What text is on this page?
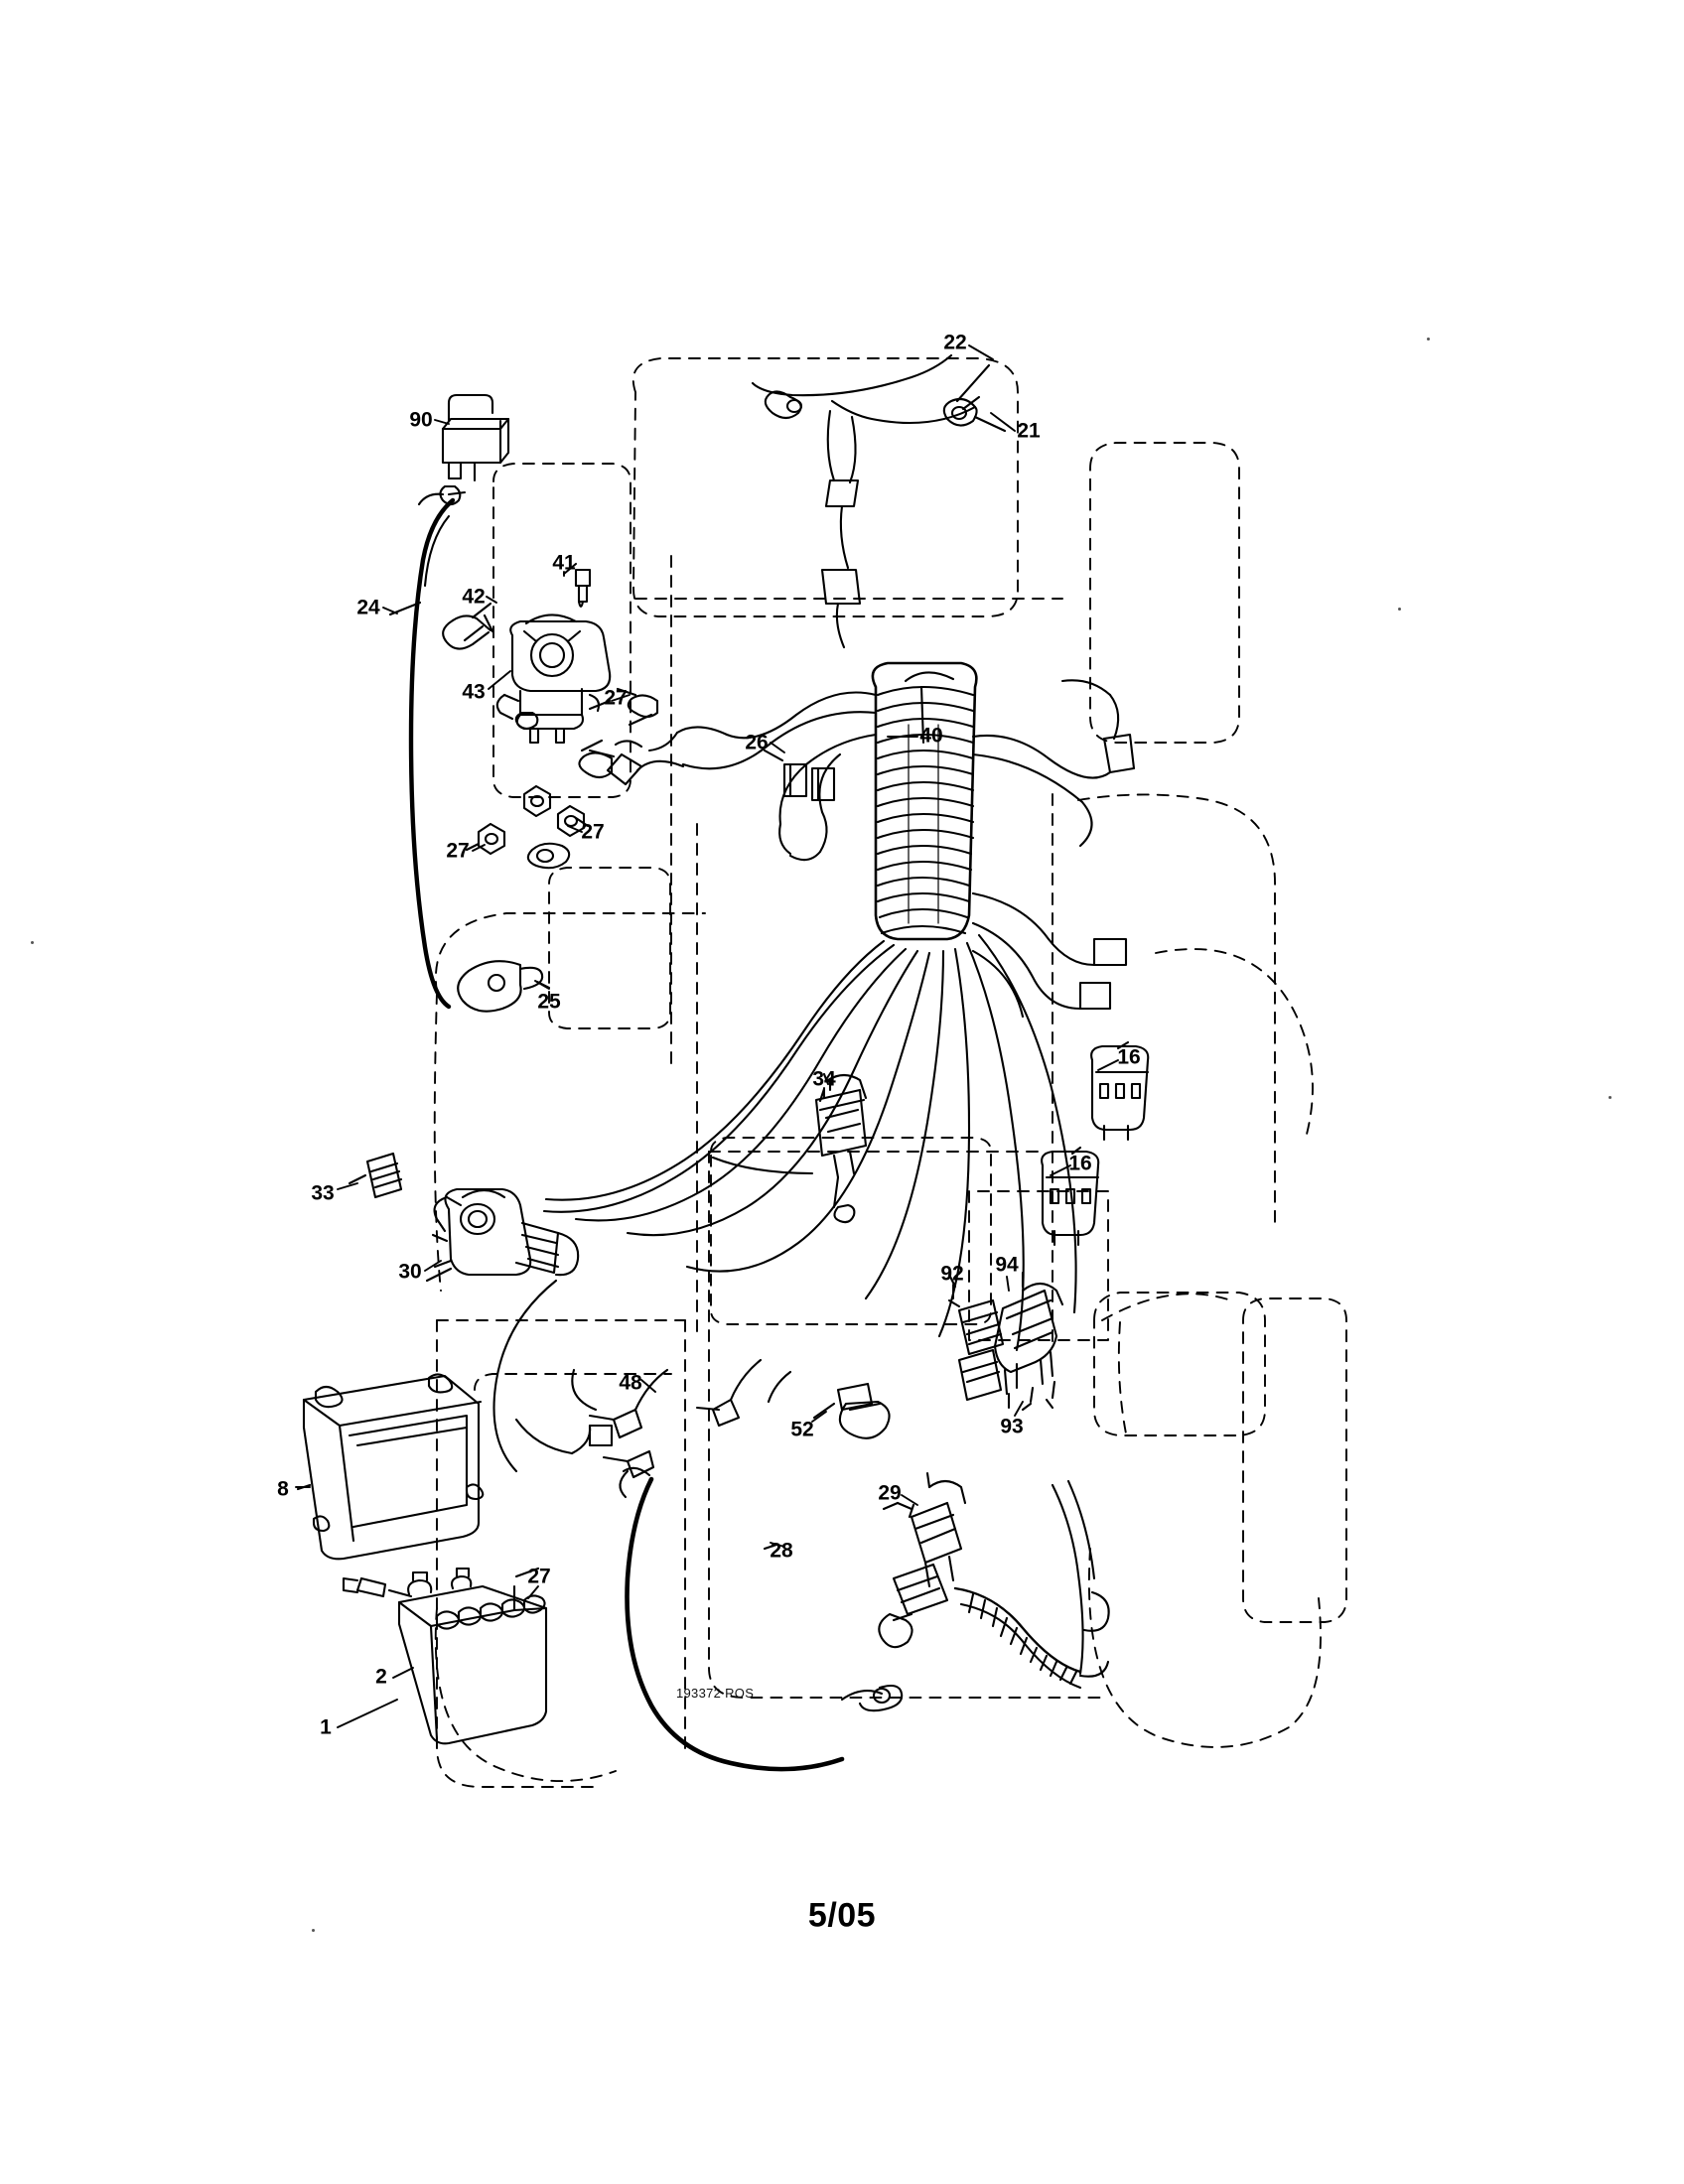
90
22
21
41
42
24
43	27
26	40
27
27
25
16
34
16
33
30	92 94
48
52	93
8	29
28
27
2
1
193372 ROS
5/05
